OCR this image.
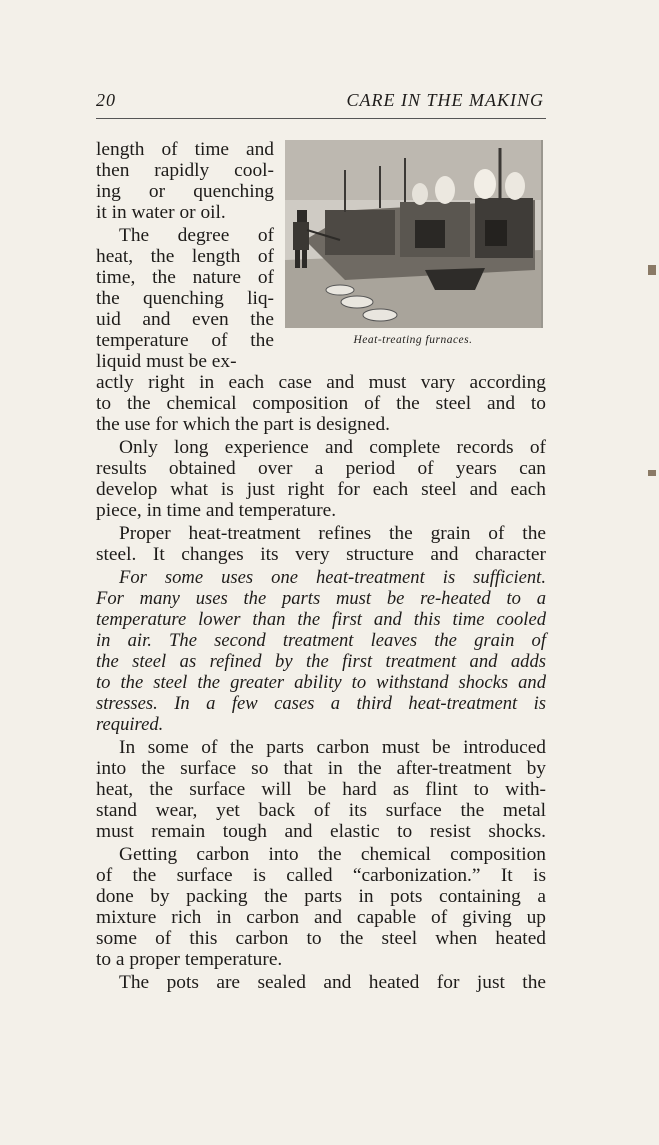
20	CARE IN THE MAKING
Heat-treating furnaces.
length of time and
then rapidly cool-
ing or quenching
it in water or oil.
The degree of
heat, the length of
time, the nature of
the quenching liq-
uid and even the
temperature of the
liquid must be ex-
actly right in each case and must vary according
to the chemical composition of the steel and to
the use for which the part is designed.
Only long experience and complete records of
results obtained over a period of years can
develop what is just right for each steel and each
piece, in time and temperature.
Proper heat-treatment refines the grain of the
steel. It changes its very structure and character
For some uses one heat-treatment is sufficient.
For many uses the parts must be re-heated to a
temperature lower than the first and this time cooled
in air. The second treatment leaves the grain of
the steel as refined by the first treatment and adds
to the steel the greater ability to withstand shocks and
stresses. In a few cases a third heat-treatment is
required.
In some of the parts carbon must be introduced
into the surface so that in the after-treatment by
heat, the surface will be hard as flint to with-
stand wear, yet back of its surface the metal
must remain tough and elastic to resist shocks.
Getting carbon into the chemical composition
of the surface is called “carbonization.” It is
done by packing the parts in pots containing a
mixture rich in carbon and capable of giving up
some of this carbon to the steel when heated
to a proper temperature.
The pots are sealed and heated for just the
